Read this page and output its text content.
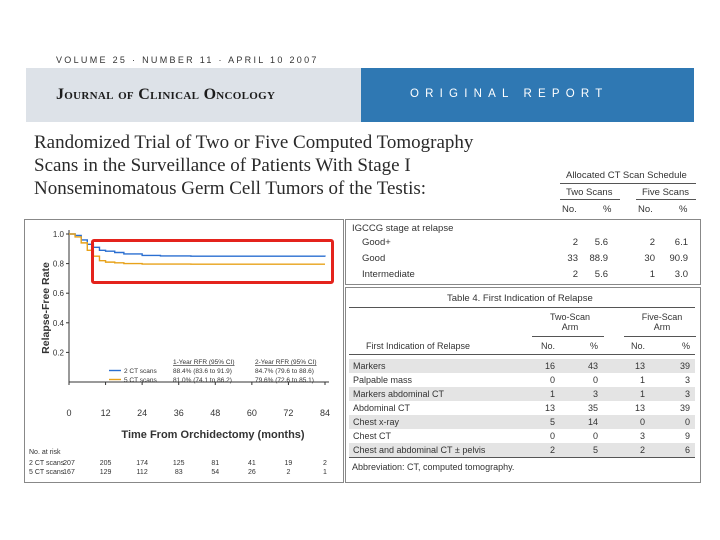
VOLUME 25 · NUMBER 11 · APRIL 10 2007
Journal of Clinical Oncology	ORIGINAL REPORT
Randomized Trial of Two or Five Computed Tomography
Scans in the Surveillance of Patients With Stage I
Nonseminomatous Germ Cell Tumors of the Testis:
Allocated CT Scan Schedule
Two Scans	Five Scans
No.	%	No.	%
IGCCG stage at relapse
Good+	2 5.6	2 6.1
Good	33 88.9	30 90.9
Intermediate	2 5.6	1 3.0
0.2
0.4
0.6
0.8
1.0
0	12	24	36	48	60	72	84
Relapse-Free Rate
Time From Orchidectomy (months)
1-Year RFR (95% CI)	2-Year RFR (95% CI)
2 CT scans 88.4% (83.6 to 91.9)	84.7% (79.6 to 88.6)
5 CT scans 81.0% (74.1 to 86.2)	79.6% (72.6 to 85.1)
No. at risk
2 CT scans
207	205	174	125	81	41	19	2
5 CT scans
167	129	112	83	54	26	2	1
Table 4. First Indication of Relapse
Two-Scan
Arm
Five-Scan
Arm
First Indication of Relapse	No.	%	No.	%
Markers	16	43	13	39
Palpable mass	0	0	1	3
Markers abdominal CT	1	3	1	3
Abdominal CT	13	35	13	39
Chest x-ray	5	14	0	0
Chest CT	0	0	3	9
Chest and abdominal CT ± pelvis	2	5	2	6
Abbreviation: CT, computed tomography.
